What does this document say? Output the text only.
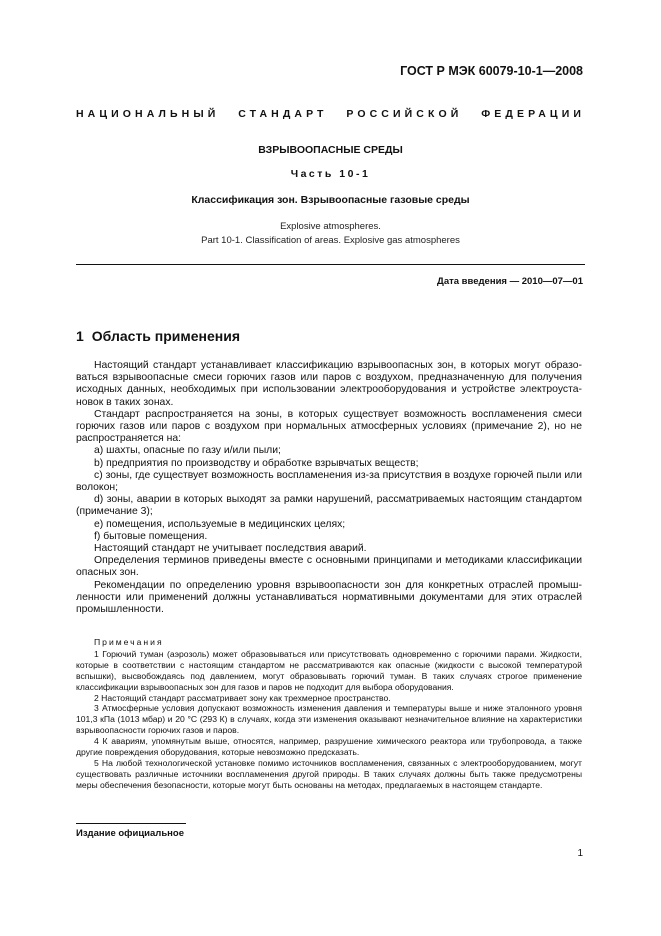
ГОСТ Р МЭК 60079-10-1—2008
НАЦИОНАЛЬНЫЙ СТАНДАРТ РОССИЙСКОЙ ФЕДЕРАЦИИ
ВЗРЫВООПАСНЫЕ СРЕДЫ
Часть 10-1
Классификация зон. Взрывоопасные газовые среды
Explosive atmospheres.
Part 10-1. Classification of areas. Explosive gas atmospheres
Дата введения — 2010—07—01
1 Область применения

Настоящий стандарт устанавливает классификацию взрывоопасных зон, в которых могут образоваться взрывоопасные смеси горючих газов или паров с воздухом, предназначенную для получения исходных данных, необходимых при использовании электрооборудования и устройстве электроустановок в таких зонах.

Стандарт распространяется на зоны, в которых существует возможность воспламенения смеси горючих газов или паров с воздухом при нормальных атмосферных условиях (примечание 2), но не распространяется на:

a) шахты, опасные по газу и/или пыли;

b) предприятия по производству и обработке взрывчатых веществ;

c) зоны, где существует возможность воспламенения из-за присутствия в воздухе горючей пыли или волокон;

d) зоны, аварии в которых выходят за рамки нарушений, рассматриваемых настоящим стандартом (примечание 3);

e) помещения, используемые в медицинских целях;

f) бытовые помещения.

Настоящий стандарт не учитывает последствия аварий.

Определения терминов приведены вместе с основными принципами и методиками классификации опасных зон.

Рекомендации по определению уровня взрывоопасности зон для конкретных отраслей промышленности или применений должны устанавливаться нормативными документами для этих отраслей промышленности.

Примечания

1 Горючий туман (аэрозоль) может образовываться или присутствовать одновременно с горючими парами. Жидкости, которые в соответствии с настоящим стандартом не рассматриваются как опасные (жидкости с высокой температурой вспышки), высвобождаясь под давлением, могут образовывать горючий туман. В таких случаях строгое применение классификации взрывоопасных зон для газов и паров не подходит для выбора оборудования.

2 Настоящий стандарт рассматривает зону как трехмерное пространство.

3 Атмосферные условия допускают возможность изменения давления и температуры выше и ниже эталонного уровня 101,3 кПа (1013 мбар) и 20 °С (293 К) в случаях, когда эти изменения оказывают незначительное влияние на характеристики взрывоопасности горючих газов и паров.

4 К авариям, упомянутым выше, относятся, например, разрушение химического реактора или трубопровода, а также другие повреждения оборудования, которые невозможно предсказать.

5 На любой технологической установке помимо источников воспламенения, связанных с электрооборудованием, могут существовать различные источники воспламенения другой природы. В таких случаях должны быть также предусмотрены меры обеспечения безопасности, которые могут быть основаны на методах, предлагаемых в настоящем стандарте.

Издание официальное
1
